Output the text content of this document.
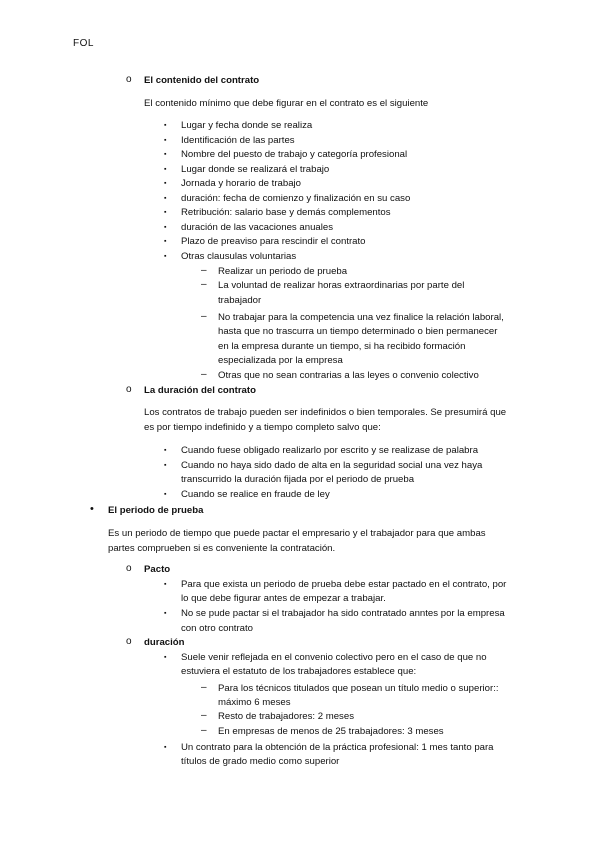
FOL
o El contenido del contrato
El contenido mínimo que debe figurar en el contrato es el siguiente
▪ Lugar y fecha donde se realiza
▪ Identificación de las partes
▪ Nombre del puesto de trabajo y categoría profesional
▪ Lugar donde se realizará el trabajo
▪ Jornada y horario de trabajo
▪ duración: fecha de comienzo y finalización en su caso
▪ Retribución: salario base y demás complementos
▪ duración de las vacaciones anuales
▪ Plazo de preaviso para rescindir el contrato
▪ Otras clausulas voluntarias
– Realizar un periodo de prueba
– La voluntad de realizar horas extraordinarias por parte del
trabajador
– No trabajar para la competencia una vez finalice la relación laboral,
hasta que no trascurra un tiempo determinado o bien permanecer
en la empresa durante un tiempo, si ha recibido formación
especializada por la empresa
– Otras que no sean contrarias a las leyes o convenio colectivo
o La duración del contrato
Los contratos de trabajo pueden ser indefinidos o bien temporales. Se presumirá que
es por tiempo indefinido y a tiempo completo salvo que:
▪ Cuando fuese obligado realizarlo por escrito y se realizase de palabra
▪ Cuando no haya sido dado de alta en la seguridad social una vez haya
transcurrido la duración fijada por el periodo de prueba
▪ Cuando se realice en fraude de ley
• El periodo de prueba
Es un periodo de tiempo que puede pactar el empresario y el trabajador para que ambas
partes comprueben si es conveniente la contratación.
o Pacto
▪ Para que exista un periodo de prueba debe estar pactado en el contrato, por
lo que debe figurar antes de empezar a trabajar.
▪ No se pude pactar si el trabajador ha sido contratado anntes por la empresa
con otro contrato
o duración
▪ Suele venir reflejada en el convenio colectivo pero en el caso de que no
estuviera el estatuto de los trabajadores establece que:
– Para los técnicos titulados que posean un título medio o superior::
máximo 6 meses
– Resto de trabajadores: 2 meses
– En empresas de menos de 25 trabajadores: 3 meses
▪ Un contrato para la obtención de la práctica profesional: 1 mes tanto para
títulos de grado medio como superior
